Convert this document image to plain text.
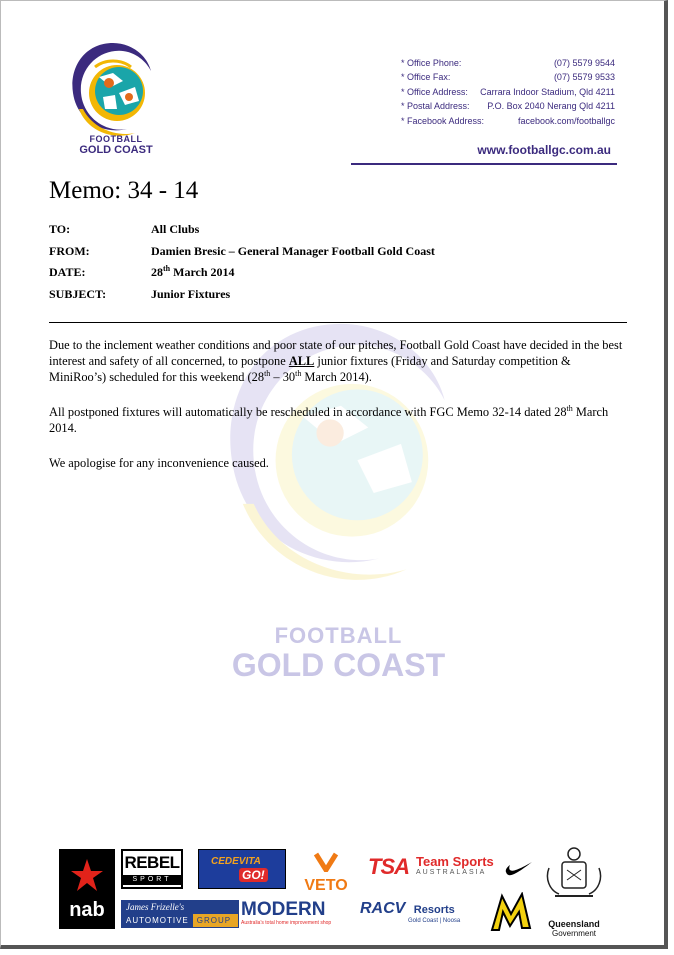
FOOTBALL
GOLD COAST
* Office Phone:	(07) 5579 9544
* Office Fax:	(07) 5579 9533
* Office Address: Carrara Indoor Stadium, Qld 4211
* Postal Address: P.O. Box 2040 Nerang Qld 4211
* Facebook Address:	facebook.com/footballgc
www.footballgc.com.au
Memo: 34 - 14
TO:	All Clubs
FROM:	Damien Bresic – General Manager Football Gold Coast
DATE:	28th March 2014
SUBJECT:	Junior Fixtures
FOOTBALL
GOLD COAST

Due to the inclement weather conditions and poor state of our pitches, Football Gold Coast have decided in the best interest and safety of all concerned, to postpone ALL junior fixtures (Friday and Saturday competition & MiniRoo’s) scheduled for this weekend (28th – 30th March 2014).

All postponed fixtures will automatically be rescheduled in accordance with FGC Memo 32-14 dated 28th March 2014.

We apologise for any inconvenience caused.

nab
REBEL
SPORT
CEDEVITA
GO!
VETO
TSA Team Sports
AUSTRALASIA
Queensland
Government
James Frizelle's
AUTOMOTIVE	GROUP
MODERN
Australia's total home improvement shop
RACV Resorts
Gold Coast | Noosa
